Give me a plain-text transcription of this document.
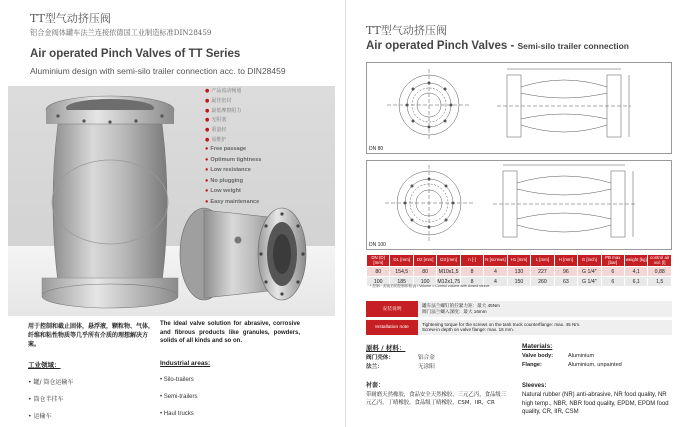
TT型气动挤压阀
铝合金阀体罐车法兰连接依德国工业制造标准DIN28459
Air operated Pinch Valves of TT Series
Aluminium design with semi-silo trailer connection acc. to DIN28459
● 产品流动畅通
● 最佳密封
● 最低摩擦阻力
● 无阻塞
● 重量轻
● 易维护
● Free passage
● Optimum tightness
● Low resistance
● No plugging
● Low weight
● Easy maintenance
用于控制和截止固体，悬浮液，颗粒物、气体，纤维和粘性物质等几乎所有介质的理想解决方案。
The ideal valve solution for abrasive, corrosive and fibrous products like granules, powders, solids of all kinds and so on.
工业领域：
• 罐/ 筒仓运输车
• 筒仓半挂车
• 运输车
Industrial areas:
• Silo-trailers
• Semi-trailers
• Haul trucks
TT型气动挤压阀
Air operated Pinch Valves - Semi-silo trailer connection
DN 80
DN 100
DN (D) [mm]	D1 [mm]	D2 [mm]	D3 [mm]	n [-]	N [screws]	H1 [mm]	L [mm]	H [mm]	G [inch]	PB max [bar]	weight [kg]	control air vol. [l]
80	154,5	80	M10x1,5	8	4	130	227	96	G 1/4"	6	4,1	0,88
100	185	100	M12x1,75	8	4	150	260	63	G 1/4"	6	6,1	1,5
* 控制：封闭后的控制体积 (l) / Volume = Control volume with closed sleeve
安装说明
罐车法兰螺钉的拧紧力矩：最大 45Nm
阀门法兰螺入深度：最大 16mm
Installation note
Tightening torque for the screws on the tank truck counterflange: max. 45 Nm.
Screw-in depth on valve flange: max. 16 mm.
原料 / 材料：
阀门壳体：	铝合金
法兰：	无涂阳
Materials:
Valve body:	Aluminium
Flange:	Aluminium, unpainted
衬套：
带耐磨天然橡胶，食品安全天然橡胶，三元乙丙，食品级三元乙丙，丁晴橡胶，食品级丁晴橡胶，CSM，IIR，CR
Sleeves:
Natural rubber (NR) anti-abrasive, NR food quality, NR high temp., NBR, NBR food quality, EPDM, EPDM food quality, CR, IIR, CSM
